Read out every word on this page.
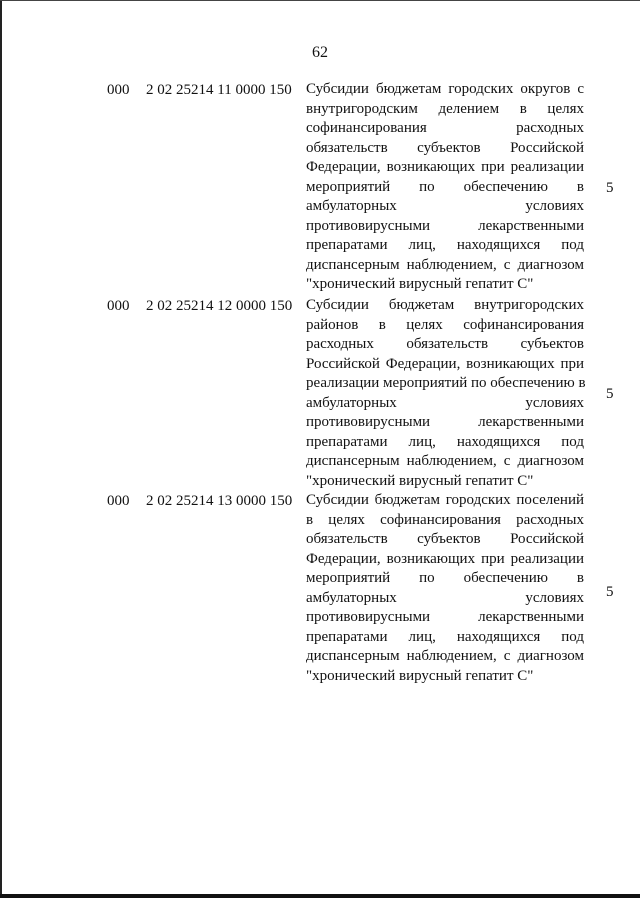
62
000 2 02 25214 11 0000 150 Субсидии бюджетам городских округов с
внутригородским делением в целях
софинансирования расходных
обязательств субъектов Российской
Федерации, возникающих при реализации
мероприятий по обеспечению в
амбулаторных условиях
противовирусными лекарственными
препаратами лиц, находящихся под
диспансерным наблюдением, с диагнозом
"хронический вирусный гепатит С"
5
000 2 02 25214 12 0000 150 Субсидии бюджетам внутригородских
районов в целях софинансирования
расходных обязательств субъектов
Российской Федерации, возникающих при
реализации мероприятий по обеспечению в
амбулаторных условиях
противовирусными лекарственными
препаратами лиц, находящихся под
диспансерным наблюдением, с диагнозом
"хронический вирусный гепатит С"
5
000 2 02 25214 13 0000 150 Субсидии бюджетам городских поселений
в целях софинансирования расходных
обязательств субъектов Российской
Федерации, возникающих при реализации
мероприятий по обеспечению в
амбулаторных условиях
противовирусными лекарственными
препаратами лиц, находящихся под
диспансерным наблюдением, с диагнозом
"хронический вирусный гепатит С"
5
